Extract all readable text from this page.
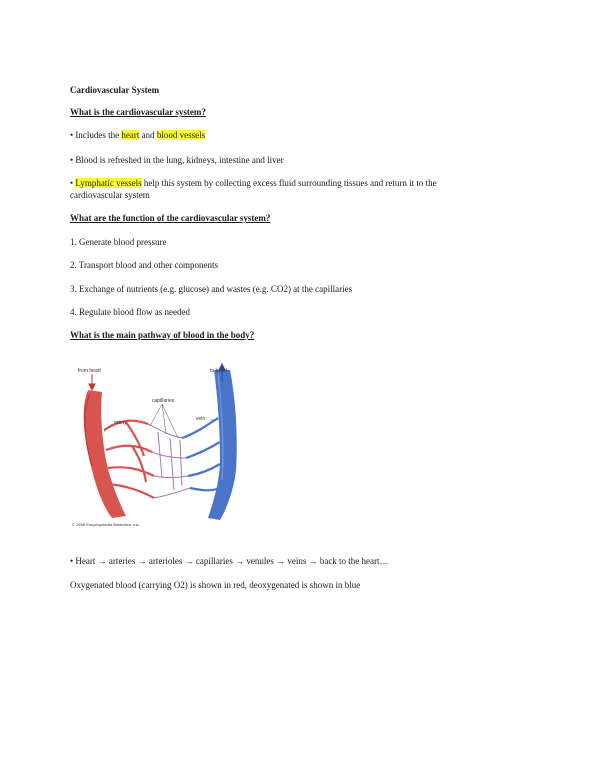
Cardiovascular System
What is the cardiovascular system?
• Includes the heart and blood vessels
• Blood is refreshed in the lung, kidneys, intestine and liver
• Lymphatic vessels help this system by collecting excess fluid surrounding tissues and return it to the cardiovascular system
What are the function of the cardiovascular system?
1. Generate blood pressure
2. Transport blood and other components
3. Exchange of nutrients (e.g. glucose) and wastes (e.g. CO2) at the capillaries
4. Regulate blood flow as needed
What is the main pathway of blood in the body?
from heart	to heart
capillaries
artery
vein
© 1996 Encyclopaedia Britannica, Inc.
• Heart → arteries → arterioles → capillaries → venules → veins → back to the heart…
Oxygenated blood (carrying O2) is shown in red, deoxygenated is shown in blue
